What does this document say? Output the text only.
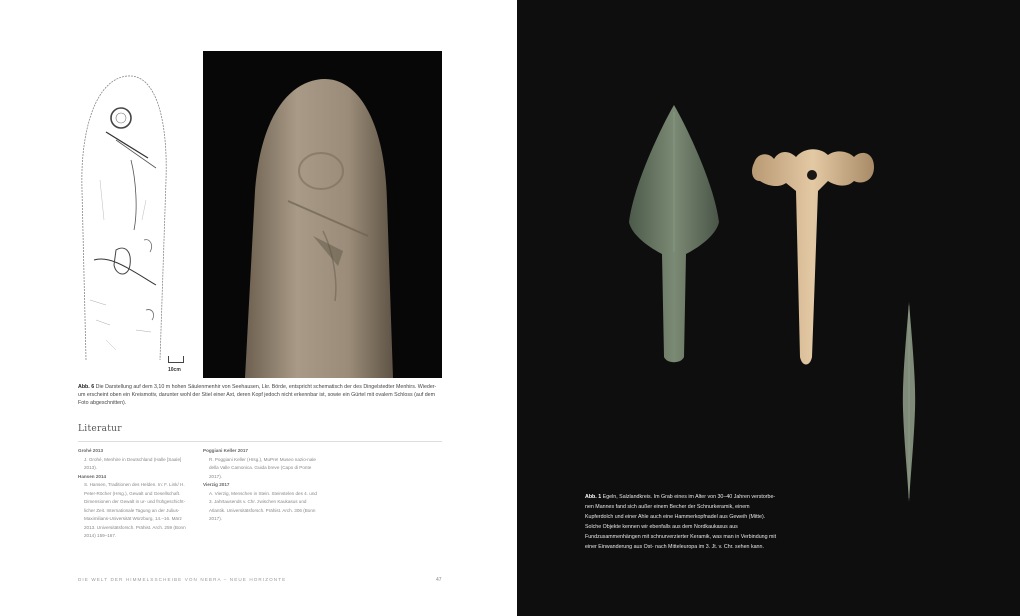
10cm
Abb. 6 Die Darstellung auf dem 3,10 m hohen Säulenmenhir von Seehausen, Lkr. Börde, entspricht schematisch der des Dingelstedter Menhirs. Wieder-um erscheint oben ein Kreismotiv, darunter wohl der Stiel einer Axt, deren Kopf jedoch nicht erkennbar ist, sowie ein Gürtel mit ovalem Schloss (auf dem Foto abgeschnitten).
Literatur
Grohé 2013
J. Grohé, Menhire in Deutschland (Halle [Saale] 2013).
Hansen 2014
S. Hansen, Traditionen des Helden. In: F. Link/ H. Peter-Röcher (Hrsg.), Gewalt und Gesellschaft. Dimensionen der Gewalt in ur- und frühgeschicht-licher Zeit. Internationale Tagung an der Julius-Maximilians-Universität Würzburg, 14.–16. März 2013. Universitätsforsch. Prähist. Arch. 259 (Bonn 2014) 159–167.
Poggiani Keller 2017
R. Poggiani Keller (Hrsg.), MuPre! Museo nazio-nale della Valle Camonica. Guida breve (Capo di Ponte 2017).
Vierzig 2017
A. Vierzig, Menschen in Stein. Steinstelen des 4. und 3. Jahrtausends v. Chr. zwischen Kaukasus und Atlantik. Universitätsforsch. Prähist. Arch. 306 (Bonn 2017).
DIE WELT DER HIMMELSSCHEIBE VON NEBRA – NEUE HORIZONTE	47
Abb. 1 Egeln, Salzlandkreis. Im Grab eines im Alter von 30–40 Jahren verstorbe-nen Mannes fand sich außer einem Becher der Schnurkeramik, einem Kupferdolch und einer Ahle auch eine Hammerkopfnadel aus Geweih (Mitte). Solche Objekte kennen wir ebenfalls aus dem Nordkaukasus aus Fundzusammenhängen mit schnurverzierter Keramik, was man in Verbindung mit einer Einwanderung aus Ost- nach Mitteleuropa im 3. Jt. v. Chr. sehen kann.
